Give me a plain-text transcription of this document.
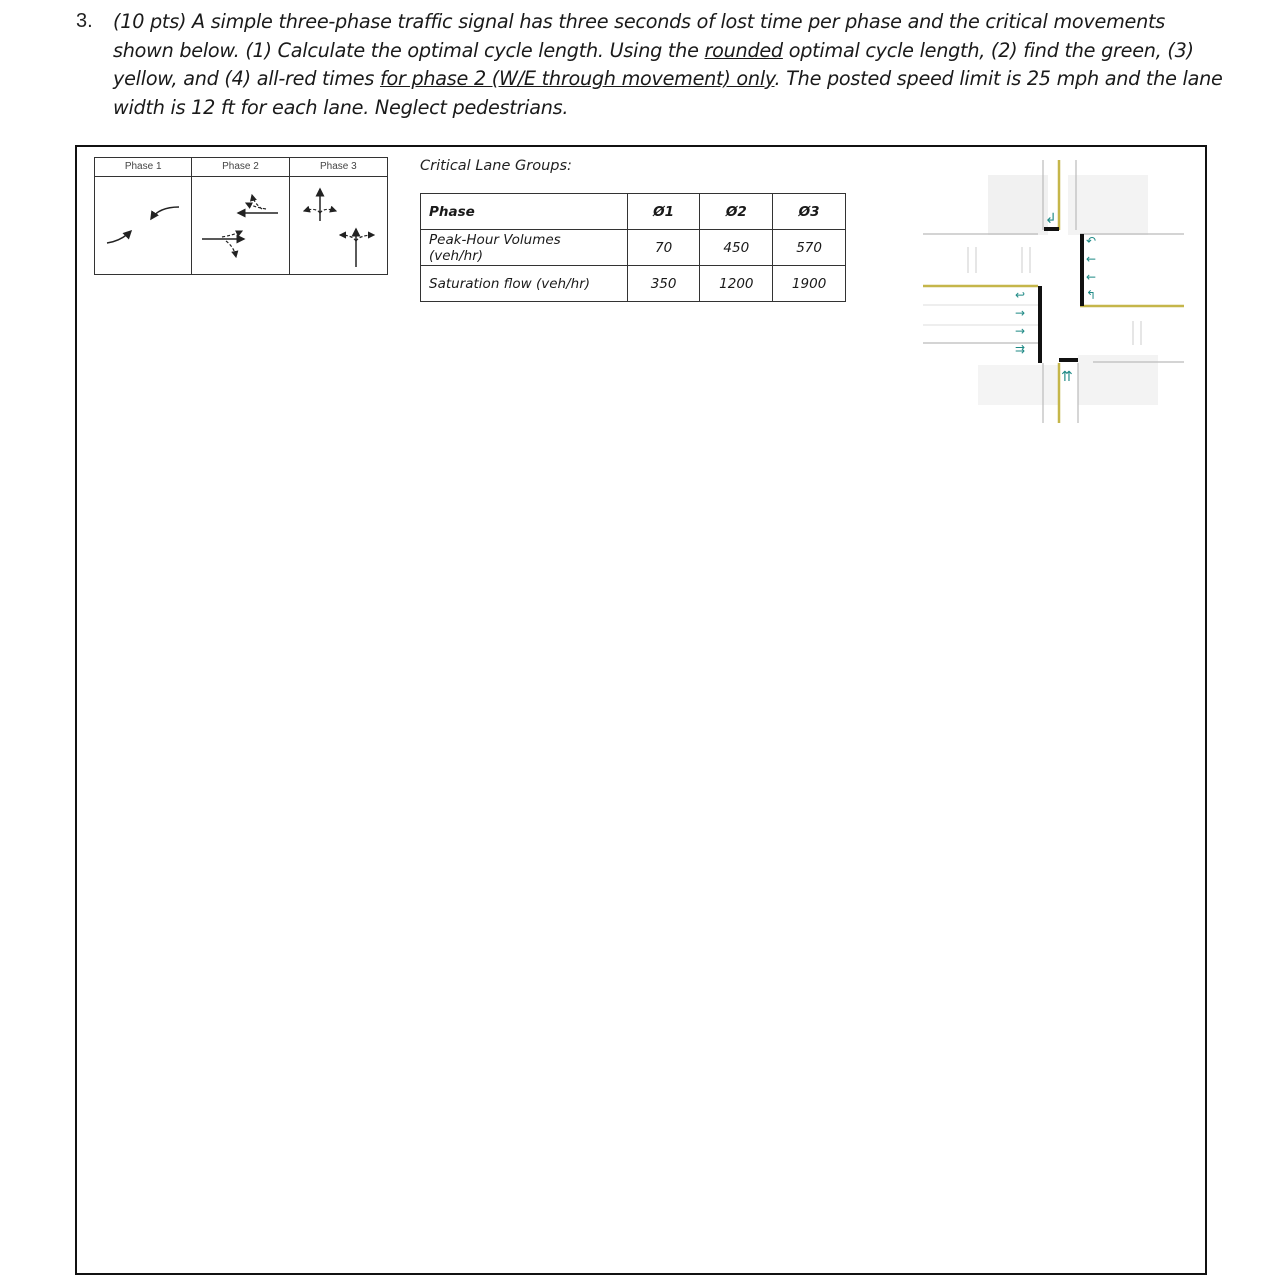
3. (10 pts) A simple three-phase traffic signal has three seconds of lost time per phase and the critical movements shown below. (1) Calculate the optimal cycle length. Using the rounded optimal cycle length, (2) find the green, (3) yellow, and (4) all-red times for phase 2 (W/E through movement) only. The posted speed limit is 25 mph and the lane width is 12 ft for each lane. Neglect pedestrians.
Phase 1	Phase 2	Phase 3	Critical Lane Groups:
Phase	Ø1	Ø2	Ø3
Peak-Hour Volumes (veh/hr)	70	450	570
Saturation flow (veh/hr)	350	1200	1900
↲
↩
→
→
⇉
↶
←
←
↰
⇈
